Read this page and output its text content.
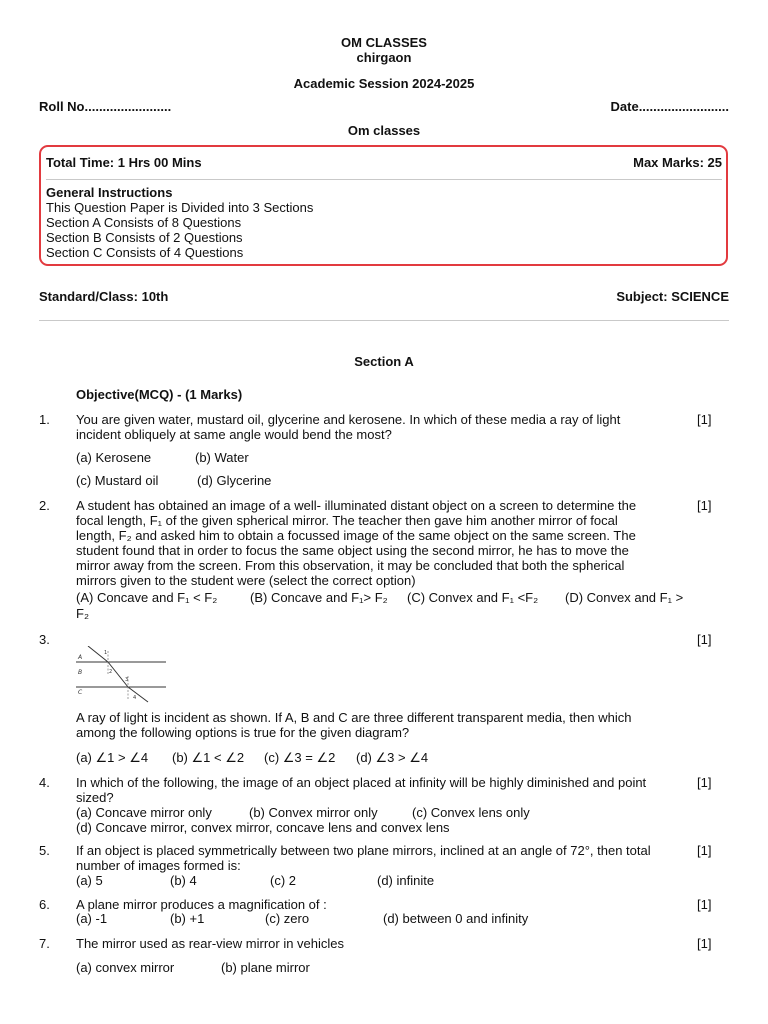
OM CLASSES
chirgaon
Academic Session 2024-2025
Roll No........................	Date.........................
Om classes
Total Time: 1 Hrs 00 Mins	Max Marks: 25
General Instructions
This Question Paper is Divided into 3 Sections
Section A Consists of 8 Questions
Section B Consists of 2 Questions
Section C Consists of 4 Questions
Standard/Class: 10th	Subject: SCIENCE
Section A
Objective(MCQ) - (1 Marks)
1. You are given water, mustard oil, glycerine and kerosene. In which of these media a ray of light
incident obliquely at same angle would bend the most?
[1]
(a) Kerosene	(b) Water
(c) Mustard oil	(d) Glycerine
2. A student has obtained an image of a well- illuminated distant object on a screen to determine the
focal length, F₁ of the given spherical mirror. The teacher then gave him another mirror of focal
length, F₂ and asked him to obtain a focussed image of the same object on the same screen. The
student found that in order to focus the same object using the second mirror, he has to move the
mirror away from the screen. From this observation, it may be concluded that both the spherical
mirrors given to the student were (select the correct option)
[1]
(A) Concave and F₁ < F₂	(B) Concave and F₁> F₂ (C) Convex and F₁ <F₂ (D) Convex and F₁ >
F₂
3.	[1]
A
B
C
1
2
3
4
A ray of light is incident as shown. If A, B and C are three different transparent media, then which
among the following options is true for the given diagram?
(a) ∠1 > ∠4 (b) ∠1 < ∠2 (c) ∠3 = ∠2 (d) ∠3 > ∠4
4. In which of the following, the image of an object placed at infinity will be highly diminished and point
sized?
[1]
(a) Concave mirror only	(b) Convex mirror only	(c) Convex lens only
(d) Concave mirror, convex mirror, concave lens and convex lens
5. If an object is placed symmetrically between two plane mirrors, inclined at an angle of 72°, then total
number of images formed is:
[1]
(a) 5	(b) 4	(c) 2	(d) infinite
6. A plane mirror produces a magnification of :	[1]
(a) -1	(b) +1	(c) zero	(d) between 0 and infinity
7. The mirror used as rear-view mirror in vehicles	[1]
(a) convex mirror	(b) plane mirror
